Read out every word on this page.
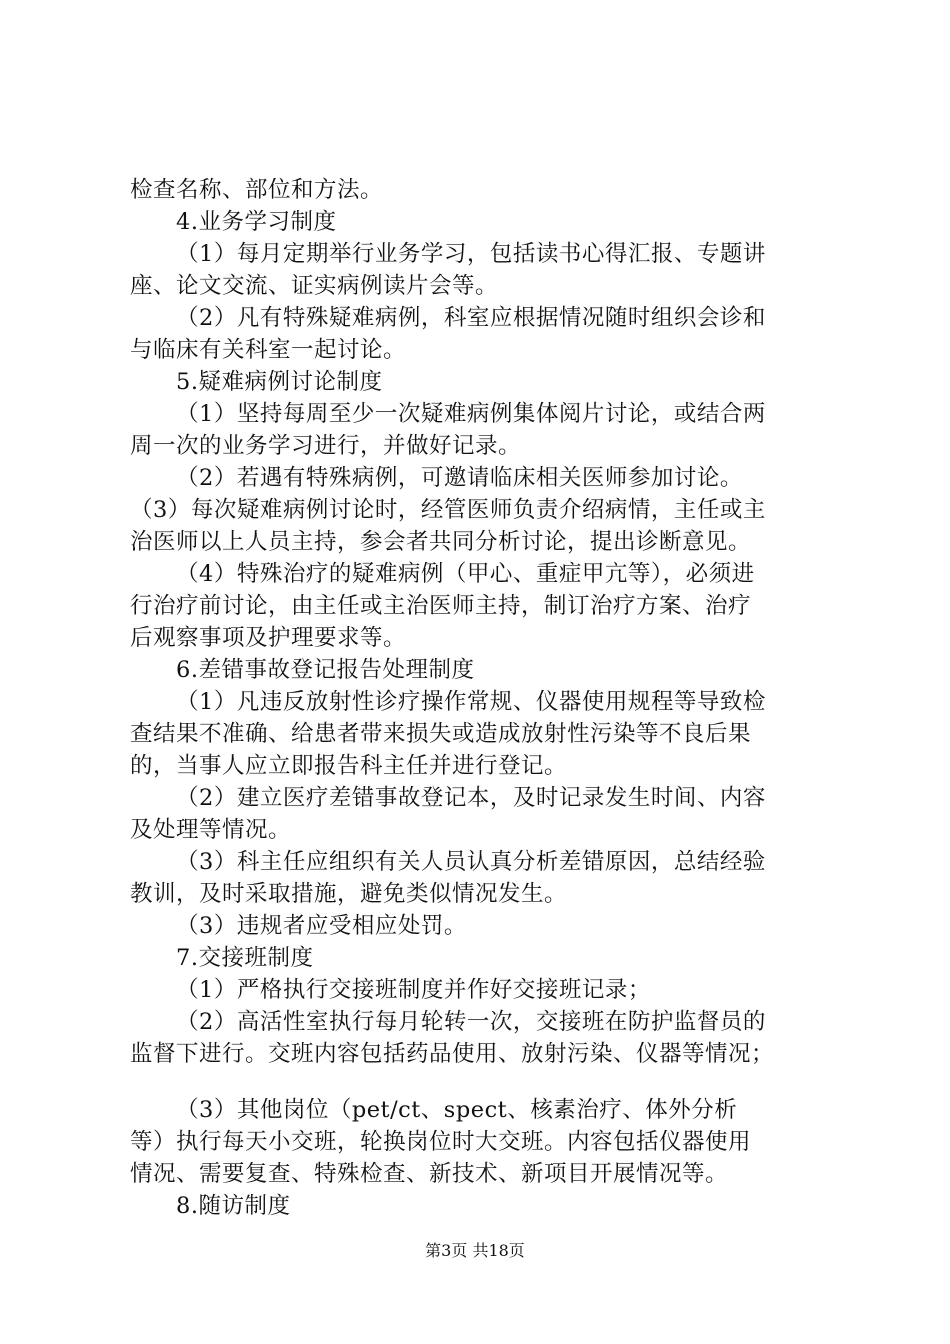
检查名称、部位和方法。
4.业务学习制度
（1）每月定期举行业务学习，包括读书心得汇报、专题讲
座、论文交流、证实病例读片会等。
（2）凡有特殊疑难病例，科室应根据情况随时组织会诊和
与临床有关科室一起讨论。
5.疑难病例讨论制度
（1）坚持每周至少一次疑难病例集体阅片讨论，或结合两
周一次的业务学习进行，并做好记录。
（2）若遇有特殊病例，可邀请临床相关医师参加讨论。
（3）每次疑难病例讨论时，经管医师负责介绍病情，主任或主
治医师以上人员主持，参会者共同分析讨论，提出诊断意见。
（4）特殊治疗的疑难病例（甲心、重症甲亢等），必须进
行治疗前讨论，由主任或主治医师主持，制订治疗方案、治疗
后观察事项及护理要求等。
6.差错事故登记报告处理制度
（1）凡违反放射性诊疗操作常规、仪器使用规程等导致检
查结果不准确、给患者带来损失或造成放射性污染等不良后果
的，当事人应立即报告科主任并进行登记。
（2）建立医疗差错事故登记本，及时记录发生时间、内容
及处理等情况。
（3）科主任应组织有关人员认真分析差错原因，总结经验
教训，及时采取措施，避免类似情况发生。
（3）违规者应受相应处罚。
7.交接班制度
（1）严格执行交接班制度并作好交接班记录；
（2）高活性室执行每月轮转一次，交接班在防护监督员的
监督下进行。交班内容包括药品使用、放射污染、仪器等情况；
（3）其他岗位（pet/ct、spect、核素治疗、体外分析
等）执行每天小交班，轮换岗位时大交班。内容包括仪器使用
情况、需要复查、特殊检查、新技术、新项目开展情况等。
8.随访制度
第3页 共18页
